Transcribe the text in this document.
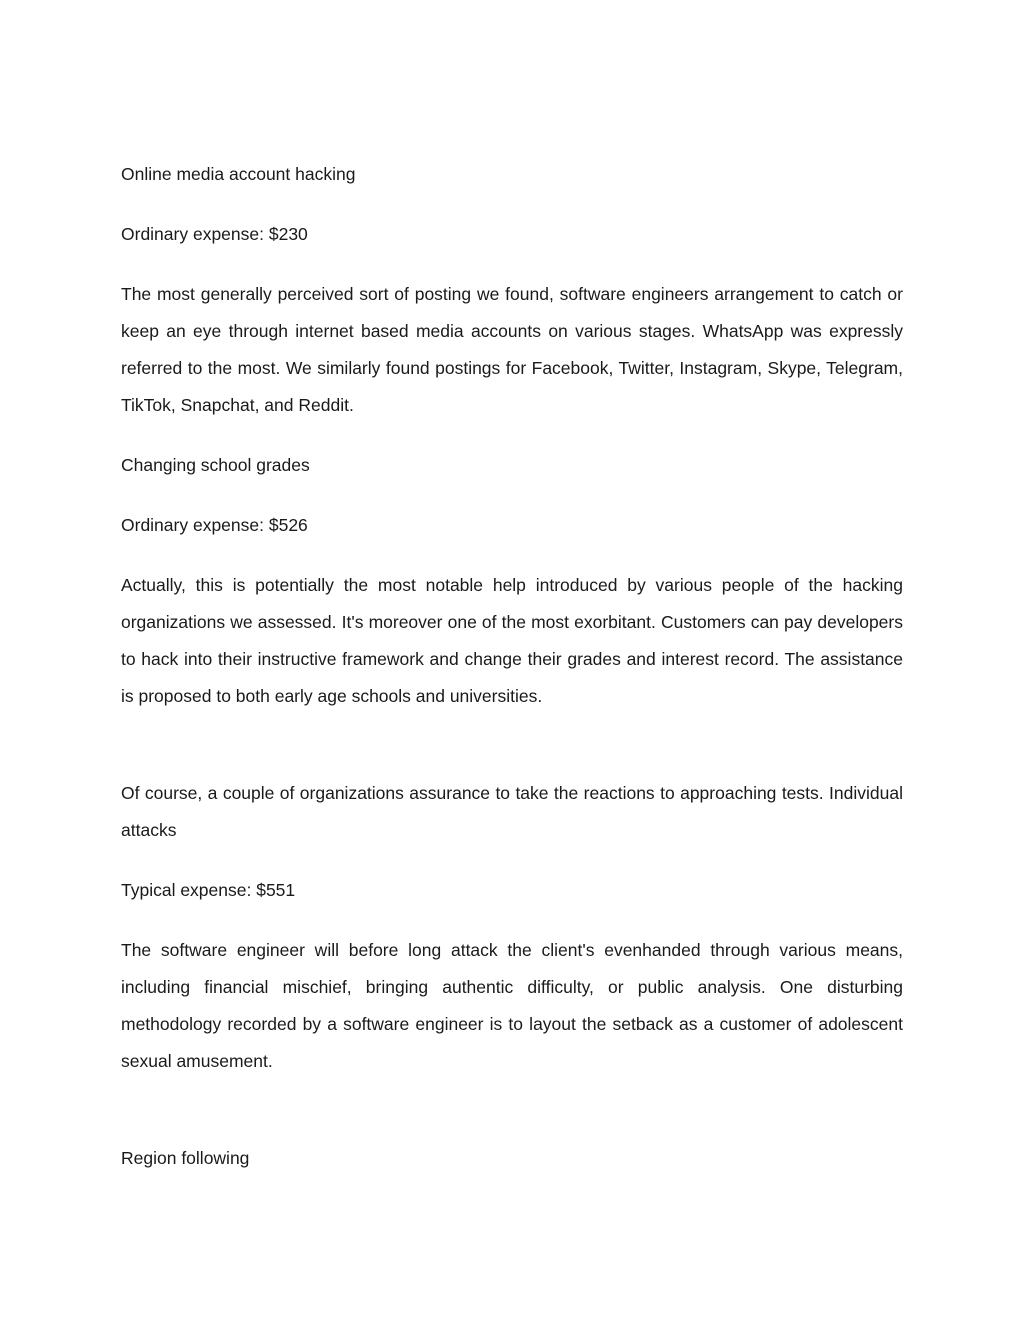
Online media account hacking

Ordinary expense: $230

The most generally perceived sort of posting we found, software engineers arrangement to catch or keep an eye through internet based media accounts on various stages. WhatsApp was expressly referred to the most. We similarly found postings for Facebook, Twitter, Instagram, Skype, Telegram, TikTok, Snapchat, and Reddit.

Changing school grades

Ordinary expense: $526

Actually, this is potentially the most notable help introduced by various people of the hacking organizations we assessed. It's moreover one of the most exorbitant. Customers can pay developers to hack into their instructive framework and change their grades and interest record. The assistance is proposed to both early age schools and universities.

Of course, a couple of organizations assurance to take the reactions to approaching tests. Individual attacks

Typical expense: $551

The software engineer will before long attack the client's evenhanded through various means, including financial mischief, bringing authentic difficulty, or public analysis. One disturbing methodology recorded by a software engineer is to layout the setback as a customer of adolescent sexual amusement.

Region following
